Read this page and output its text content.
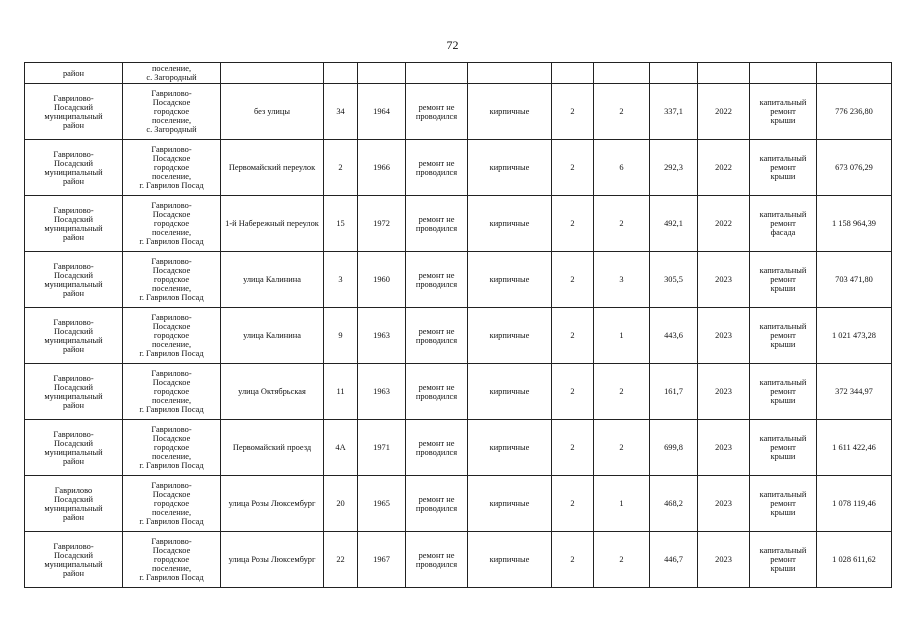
72
район	поселение,
с. Загородный											

Гаврилово-
Посадский
муниципальный
район	Гаврилово-
Посадское
городское
поселение,
с. Загородный	без улицы	34	1964	ремонт не проводился	кирпичные	2	2	337,1	2022	капитальный
ремонт
крыши	776 236,80

Гаврилово-
Посадский
муниципальный
район	Гаврилово-
Посадское
городское
поселение,
г. Гаврилов Посад	Первомайский переулок	2	1966	ремонт не проводился	кирпичные	2	6	292,3	2022	капитальный
ремонт
крыши	673 076,29

Гаврилово-
Посадский
муниципальный
район	Гаврилово-
Посадское
городское
поселение,
г. Гаврилов Посад	1-й Набережный переулок	15	1972	ремонт не проводился	кирпичные	2	2	492,1	2022	капитальный
ремонт
фасада	1 158 964,39

Гаврилово-
Посадский
муниципальный
район	Гаврилово-
Посадское
городское
поселение,
г. Гаврилов Посад	улица Калинина	3	1960	ремонт не проводился	кирпичные	2	3	305,5	2023	капитальный
ремонт
крыши	703 471,80

Гаврилово-
Посадский
муниципальный
район	Гаврилово-
Посадское
городское
поселение,
г. Гаврилов Посад	улица Калинина	9	1963	ремонт не проводился	кирпичные	2	1	443,6	2023	капитальный
ремонт
крыши	1 021 473,28

Гаврилово-
Посадский
муниципальный
район	Гаврилово-
Посадское
городское
поселение,
г. Гаврилов Посад	улица Октябрьская	11	1963	ремонт не проводился	кирпичные	2	2	161,7	2023	капитальный
ремонт
крыши	372 344,97

Гаврилово-
Посадский
муниципальный
район	Гаврилово-
Посадское
городское
поселение,
г. Гаврилов Посад	Первомайский проезд	4А	1971	ремонт не проводился	кирпичные	2	2	699,8	2023	капитальный
ремонт
крыши	1 611 422,46

Гаврилово
Посадский
муниципальный
район	Гаврилово-
Посадское
городское
поселение,
г. Гаврилов Посад	улица Розы Люксембург	20	1965	ремонт не проводился	кирпичные	2	1	468,2	2023	капитальный
ремонт
крыши	1 078 119,46

Гаврилово-
Посадский
муниципальный
район	Гаврилово-
Посадское
городское
поселение,
г. Гаврилов Посад	улица Розы Люксембург	22	1967	ремонт не проводился	кирпичные	2	2	446,7	2023	капитальный
ремонт
крыши	1 028 611,62
